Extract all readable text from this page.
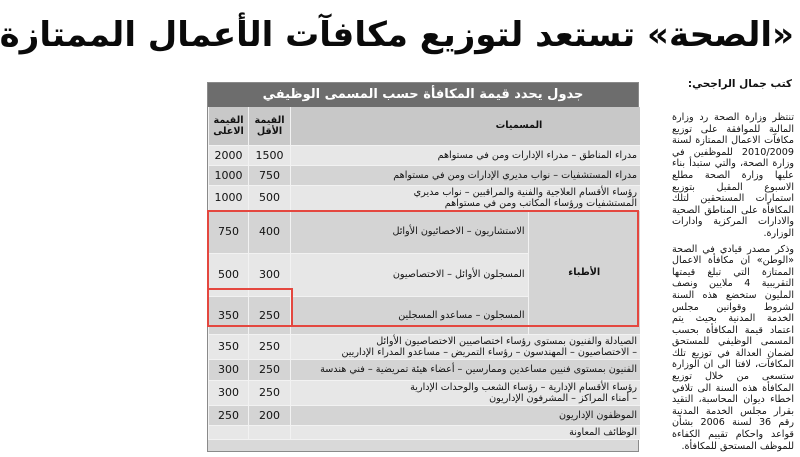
«الصحة» تستعد لتوزيع مكافآت الأعمال الممتازة
كتب جمال الراجحي:

تنتظر وزارة الصحة رد وزارة المالية للموافقة على توزيع مكافآت الاعمال الممتازة لسنة 2010/2009 للموظفين في وزارة الصحة، والتي ستبدأ بناء عليها وزارة الصحة مطلع الاسبوع المقبل بتوزيع استمارات المستحقين لتلك المكافأة على المناطق الصحية والادارات المركزية وادارات الوزارة.

وذكر مصدر قيادي في الصحة «الوطن» ان مكافأة الاعمال الممتازة التي تبلغ قيمتها التقريبية 4 ملايين ونصف المليون ستخضع هذه السنة لشروط وقوانين مجلس الخدمة المدنية بحيث يتم اعتماد قيمة المكافأة بحسب المسمى الوظيفي للمستحق لضمان العدالة في توزيع تلك المكافآت، لافتا الى ان الوزارة ستسعى من خلال توزيع المكافأة هذه السنة الى تلافي اخطاء ديوان المحاسبة، التقيد بقرار مجلس الخدمة المدنية رقم 36 لسنة 2006 بشأن قواعد واحكام تقييم الكفاءة للموظف المستحق للمكافأة.

جدول يحدد قيمة المكافأة حسب المسمى الوظيفي
القيمة الاعلى	القيمة الأقل	المسميات	
2000	1500	مدراء المناطق – مدراء الإدارات ومن في مستواهم	

1000	750	مدراء المستشفيات – نواب مديري الإدارات ومن في مستواهم	

1000	500	رؤساء الأقسام العلاجية والفنية والمراقبين – نواب مديري
المستشفيات ورؤساء المكاتب ومن في مستواهم	

750	400	الاستشاريون – الاخصائيون الأوائل	الأطباء
500	300	المسجلون الأوائل – الاختصاصيون	

350	250	المسجلون – مساعدو المسجلين	

350	250	الصيادلة والفنيون بمستوى رؤساء اختصاصيين الاختصاصيون الأوائل
– الاختصاصيون – المهندسون – رؤساء التمريض – مساعدو المدراء الإداريين	

300	250	الفنيون بمستوى فنيين مساعدين وممارسين – أعضاء هيئة تمريضية – فني هندسة	

300	250	رؤساء الأقسام الإدارية – رؤساء الشعب والوحدات الإدارية
– أمناء المراكز – المشرفون الإداريون	

250	200	الموظفون الإداريون	

		الوظائف المعاونة	
